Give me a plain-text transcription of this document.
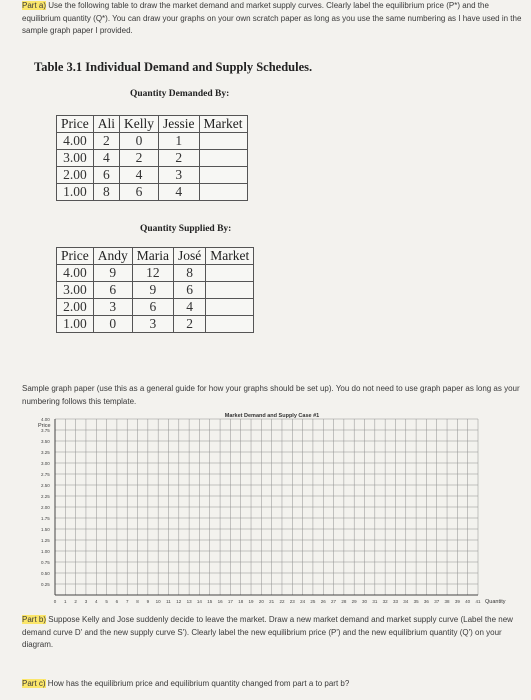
Part a) Use the following table to draw the market demand and market supply curves. Clearly label the equilibrium price (P*) and the equilibrium quantity (Q*). You can draw your graphs on your own scratch paper as long as you use the same numbering as I have used in the sample graph paper I provided.
Table 3.1 Individual Demand and Supply Schedules.
Quantity Demanded By:
Price	Ali	Kelly	Jessie	Market
4.00	2	0	1	
3.00	4	2	2	
2.00	6	4	3	
1.00	8	6	4	
Quantity Supplied By:
Price	Andy	Maria	José	Market
4.00	9	12	8	
3.00	6	9	6	
2.00	3	6	4	
1.00	0	3	2	
Sample graph paper (use this as a general guide for how your graphs should be set up). You do not need to use graph paper as long as your numbering follows this template.
Market Demand and Supply Case #1
Price
Quantity
4.00
3.75
3.50
3.25
3.00
2.75
2.50
2.25
2.00
1.75
1.50
1.25
1.00
0.75
0.50
0.25
0 1 2 3 4 5 6 7 8 9 10 11 12 13 14 15 16 17 18 19 20 21 22 23 24 25 26 27 28 29 30 31 32 33 34 35 36 37 38 39 40 41
Part b) Suppose Kelly and Jose suddenly decide to leave the market. Draw a new market demand and market supply curve (Label the new demand curve D' and the new supply curve S'). Clearly label the new equilibrium price (P') and the new equilibrium quantity (Q') on your diagram.
Part c) How has the equilibrium price and equilibrium quantity changed from part a to part b?
